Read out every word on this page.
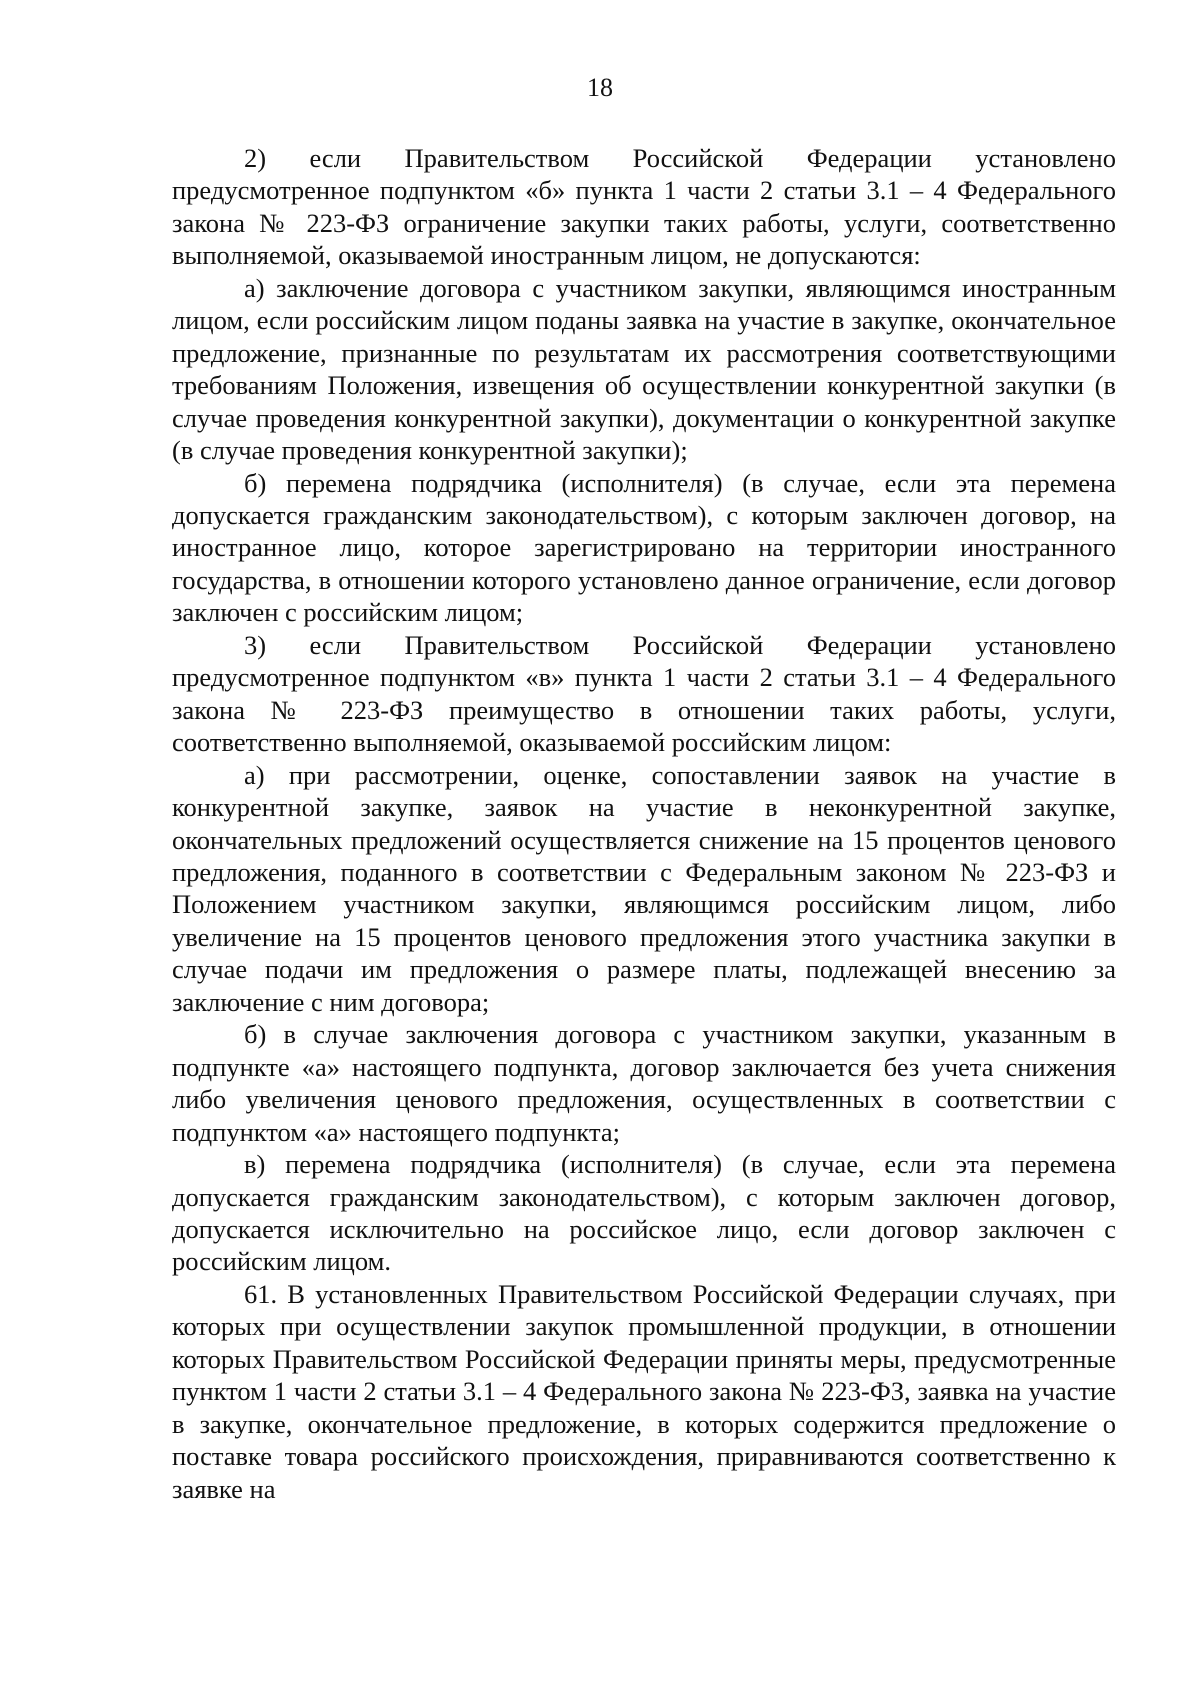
18

2) если Правительством Российской Федерации установлено предусмотренное подпунктом «б» пункта 1 части 2 статьи 3.1 – 4 Федерального закона № 223-ФЗ ограничение закупки таких работы, услуги, соответственно выполняемой, оказываемой иностранным лицом, не допускаются:

а) заключение договора с участником закупки, являющимся иностранным лицом, если российским лицом поданы заявка на участие в закупке, окончательное предложение, признанные по результатам их рассмотрения соответствующими требованиям Положения, извещения об осуществлении конкурентной закупки (в случае проведения конкурентной закупки), документации о конкурентной закупке (в случае проведения конкурентной закупки);

б) перемена подрядчика (исполнителя) (в случае, если эта перемена допускается гражданским законодательством), с которым заключен договор, на иностранное лицо, которое зарегистрировано на территории иностранного государства, в отношении которого установлено данное ограничение, если договор заключен с российским лицом;

3) если Правительством Российской Федерации установлено предусмотренное подпунктом «в» пункта 1 части 2 статьи 3.1 – 4 Федерального закона № 223-ФЗ преимущество в отношении таких работы, услуги, соответственно выполняемой, оказываемой российским лицом:

а) при рассмотрении, оценке, сопоставлении заявок на участие в конкурентной закупке, заявок на участие в неконкурентной закупке, окончательных предложений осуществляется снижение на 15 процентов ценового предложения, поданного в соответствии с Федеральным законом № 223-ФЗ и Положением участником закупки, являющимся российским лицом, либо увеличение на 15 процентов ценового предложения этого участника закупки в случае подачи им предложения о размере платы, подлежащей внесению за заключение с ним договора;

б) в случае заключения договора с участником закупки, указанным в подпункте «а» настоящего подпункта, договор заключается без учета снижения либо увеличения ценового предложения, осуществленных в соответствии с подпунктом «а» настоящего подпункта;

в) перемена подрядчика (исполнителя) (в случае, если эта перемена допускается гражданским законодательством), с которым заключен договор, допускается исключительно на российское лицо, если договор заключен с российским лицом.

61. В установленных Правительством Российской Федерации случаях, при которых при осуществлении закупок промышленной продукции, в отношении которых Правительством Российской Федерации приняты меры, предусмотренные пунктом 1 части 2 статьи 3.1 – 4 Федерального закона № 223-ФЗ, заявка на участие в закупке, окончательное предложение, в которых содержится предложение о поставке товара российского происхождения, приравниваются соответственно к заявке на
